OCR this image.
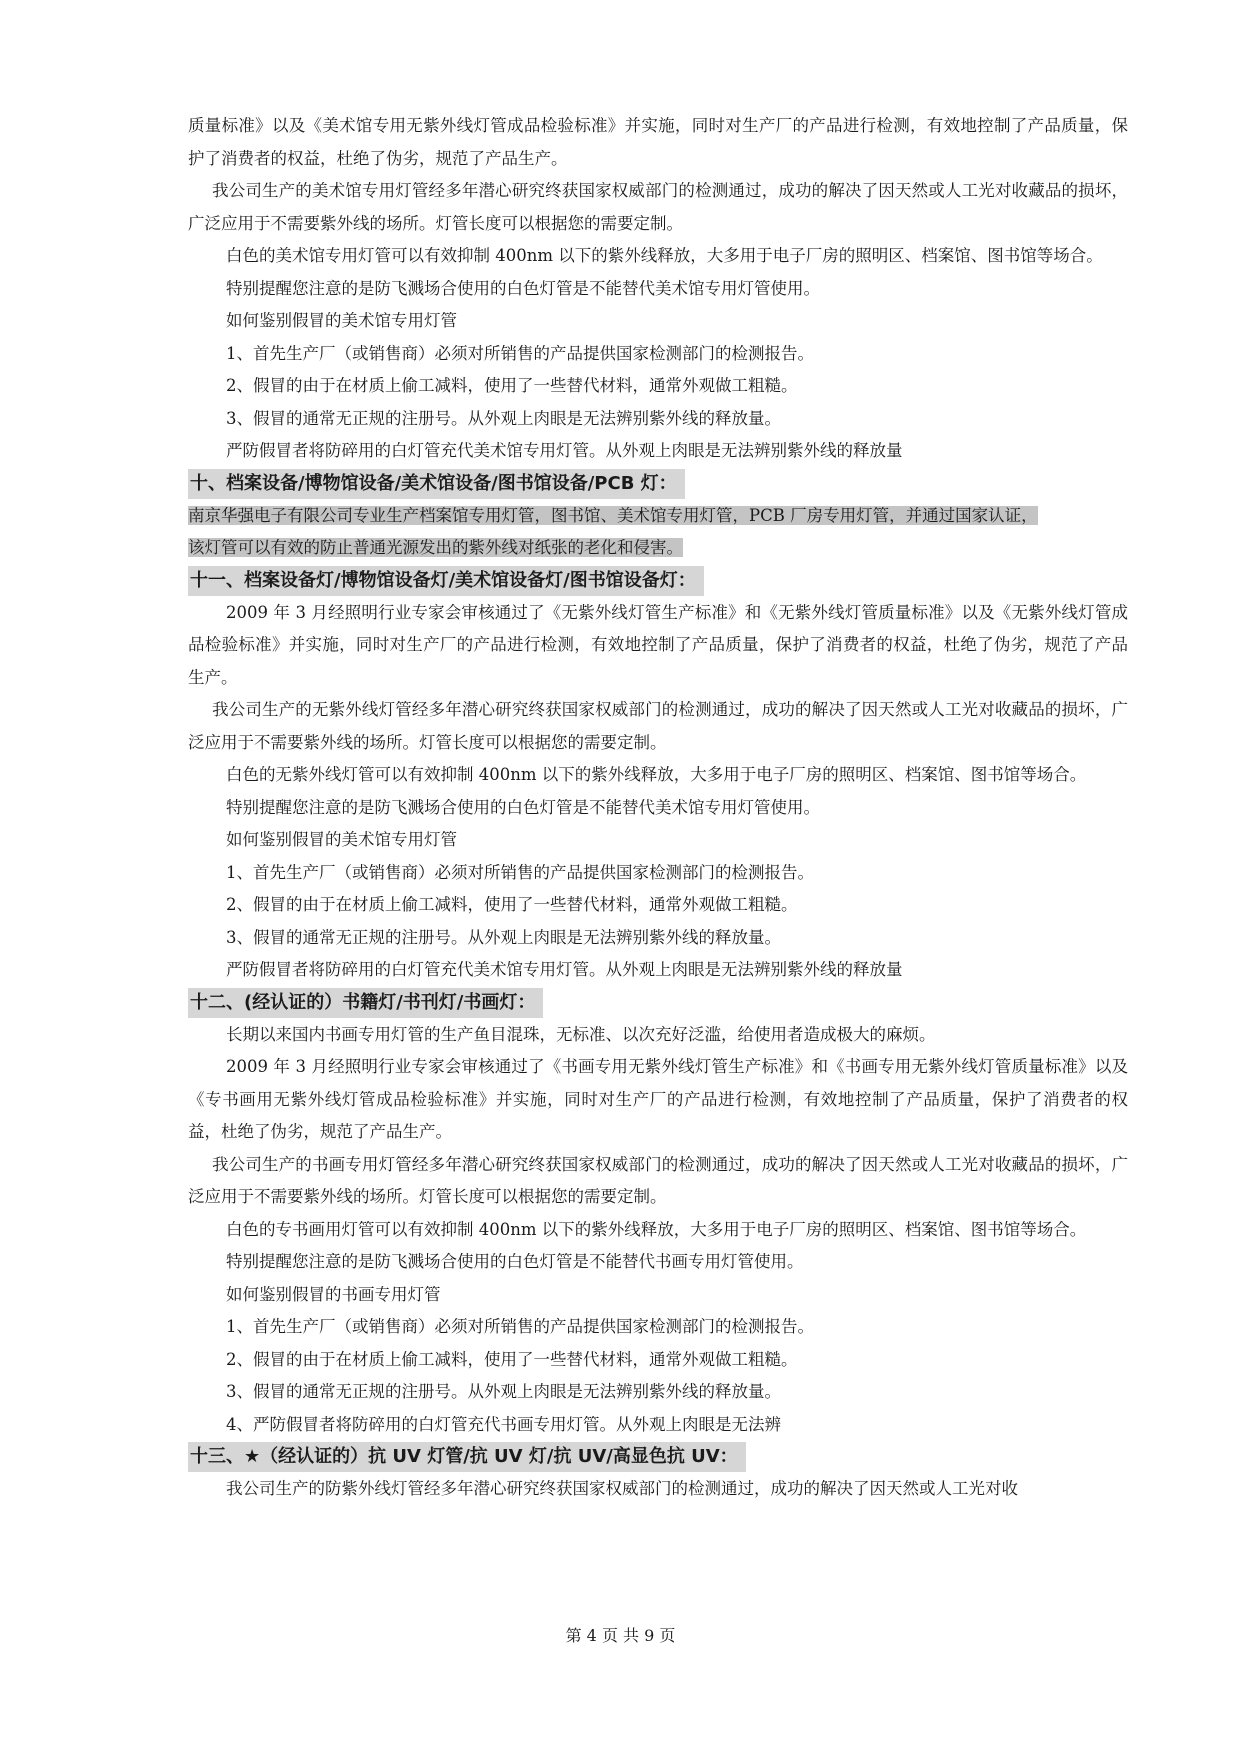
质量标准》以及《美术馆专用无紫外线灯管成品检验标准》并实施，同时对生产厂的产品进行检测，有效地控制了产品质量，保护了消费者的权益，杜绝了伪劣，规范了产品生产。

我公司生产的美术馆专用灯管经多年潜心研究终获国家权威部门的检测通过，成功的解决了因天然或人工光对收藏品的损坏，广泛应用于不需要紫外线的场所。灯管长度可以根据您的需要定制。

白色的美术馆专用灯管可以有效抑制 400nm 以下的紫外线释放，大多用于电子厂房的照明区、档案馆、图书馆等场合。

特别提醒您注意的是防飞溅场合使用的白色灯管是不能替代美术馆专用灯管使用。

如何鉴别假冒的美术馆专用灯管

1、首先生产厂（或销售商）必须对所销售的产品提供国家检测部门的检测报告。

2、假冒的由于在材质上偷工减料，使用了一些替代材料，通常外观做工粗糙。

3、假冒的通常无正规的注册号。从外观上肉眼是无法辨别紫外线的释放量。

严防假冒者将防碎用的白灯管充代美术馆专用灯管。从外观上肉眼是无法辨别紫外线的释放量

十、档案设备/博物馆设备/美术馆设备/图书馆设备/PCB 灯：

南京华强电子有限公司专业生产档案馆专用灯管，图书馆、美术馆专用灯管，PCB 厂房专用灯管，并通过国家认证，
该灯管可以有效的防止普通光源发出的紫外线对纸张的老化和侵害。

十一、档案设备灯/博物馆设备灯/美术馆设备灯/图书馆设备灯：

2009 年 3 月经照明行业专家会审核通过了《无紫外线灯管生产标准》和《无紫外线灯管质量标准》以及《无紫外线灯管成品检验标准》并实施，同时对生产厂的产品进行检测，有效地控制了产品质量，保护了消费者的权益，杜绝了伪劣，规范了产品生产。

我公司生产的无紫外线灯管经多年潜心研究终获国家权威部门的检测通过，成功的解决了因天然或人工光对收藏品的损坏，广泛应用于不需要紫外线的场所。灯管长度可以根据您的需要定制。

白色的无紫外线灯管可以有效抑制 400nm 以下的紫外线释放，大多用于电子厂房的照明区、档案馆、图书馆等场合。

特别提醒您注意的是防飞溅场合使用的白色灯管是不能替代美术馆专用灯管使用。

如何鉴别假冒的美术馆专用灯管

1、首先生产厂（或销售商）必须对所销售的产品提供国家检测部门的检测报告。

2、假冒的由于在材质上偷工减料，使用了一些替代材料，通常外观做工粗糙。

3、假冒的通常无正规的注册号。从外观上肉眼是无法辨别紫外线的释放量。

严防假冒者将防碎用的白灯管充代美术馆专用灯管。从外观上肉眼是无法辨别紫外线的释放量

十二、(经认证的）书籍灯/书刊灯/书画灯：

长期以来国内书画专用灯管的生产鱼目混珠，无标准、以次充好泛滥，给使用者造成极大的麻烦。

2009 年 3 月经照明行业专家会审核通过了《书画专用无紫外线灯管生产标准》和《书画专用无紫外线灯管质量标准》以及《专书画用无紫外线灯管成品检验标准》并实施，同时对生产厂的产品进行检测，有效地控制了产品质量，保护了消费者的权益，杜绝了伪劣，规范了产品生产。

我公司生产的书画专用灯管经多年潜心研究终获国家权威部门的检测通过，成功的解决了因天然或人工光对收藏品的损坏，广泛应用于不需要紫外线的场所。灯管长度可以根据您的需要定制。

白色的专书画用灯管可以有效抑制 400nm 以下的紫外线释放，大多用于电子厂房的照明区、档案馆、图书馆等场合。

特别提醒您注意的是防飞溅场合使用的白色灯管是不能替代书画专用灯管使用。

如何鉴别假冒的书画专用灯管

1、首先生产厂（或销售商）必须对所销售的产品提供国家检测部门的检测报告。

2、假冒的由于在材质上偷工减料，使用了一些替代材料，通常外观做工粗糙。

3、假冒的通常无正规的注册号。从外观上肉眼是无法辨别紫外线的释放量。

4、严防假冒者将防碎用的白灯管充代书画专用灯管。从外观上肉眼是无法辨

十三、★（经认证的）抗 UV 灯管/抗 UV 灯/抗 UV/高显色抗 UV：

我公司生产的防紫外线灯管经多年潜心研究终获国家权威部门的检测通过，成功的解决了因天然或人工光对收

第 4 页 共 9 页
